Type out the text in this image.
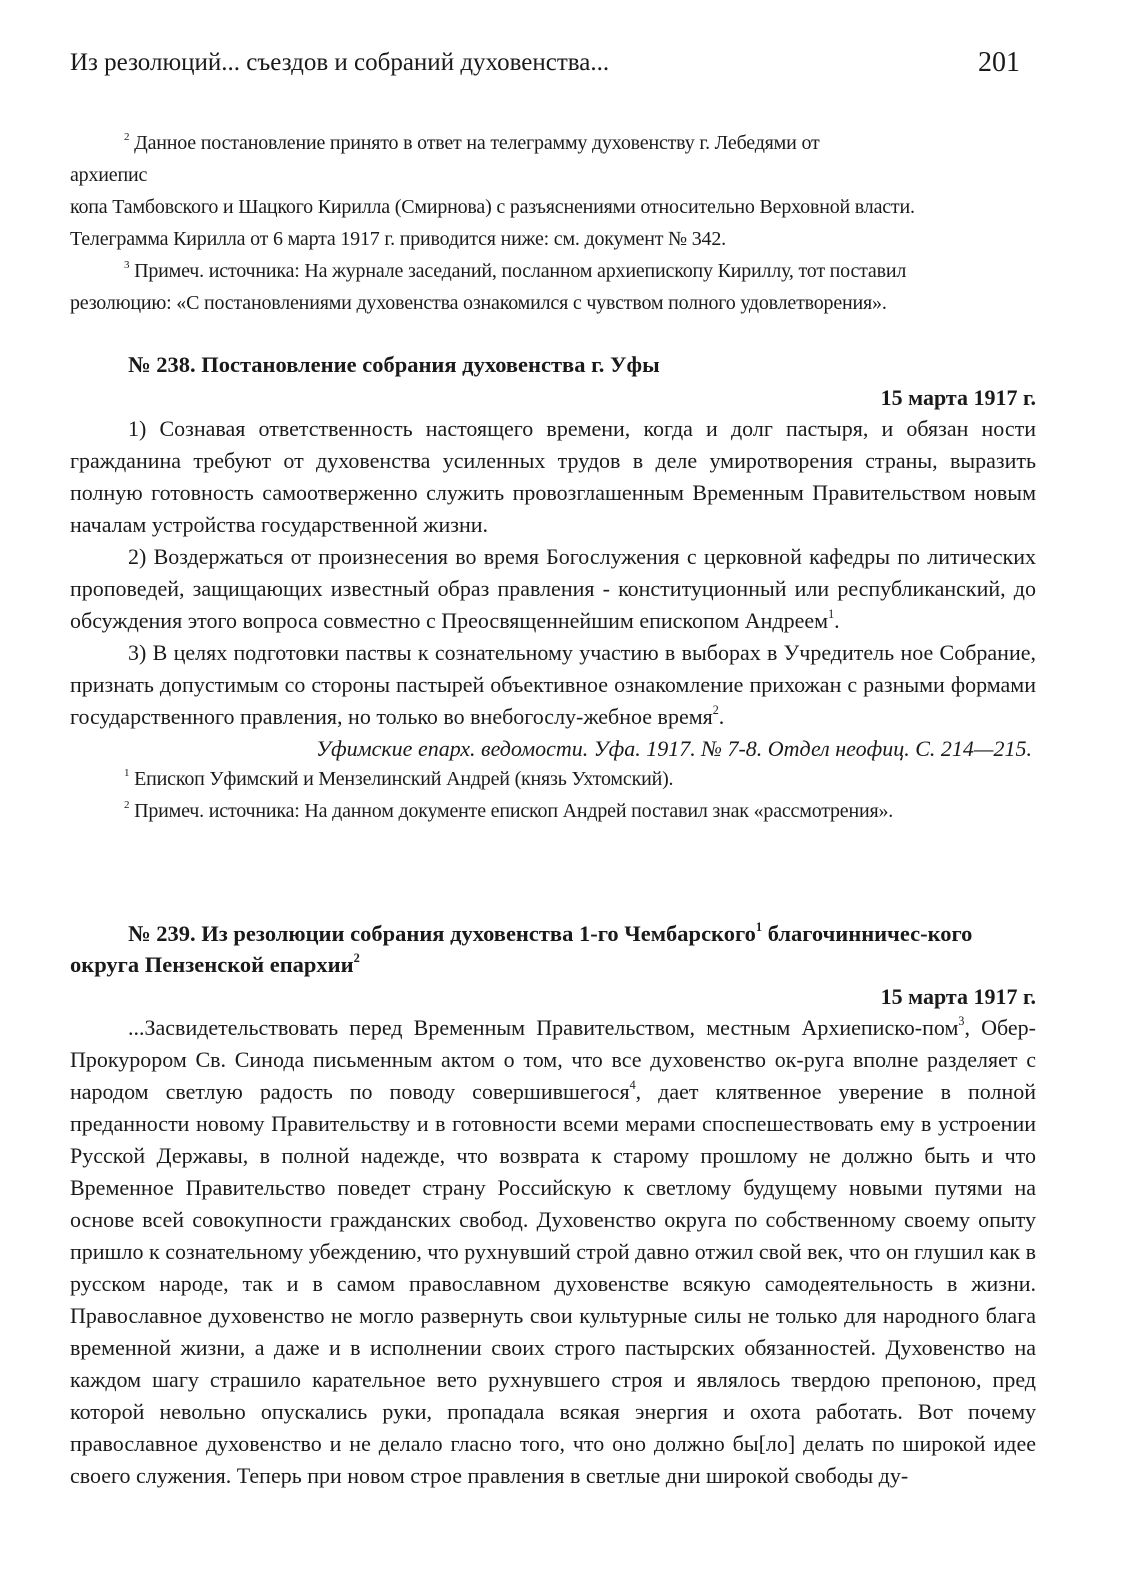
Из резолюций... съездов и собраний духовенства...	201

$^2$ Данное постановление принято в ответ на телеграмму духовенству г. Лебедями от

архиепис

копа Тамбовского и Шацкого Кирилла (Смирнова) с разъяснениями относительно Верховной власти.

Телеграмма Кирилла от 6 марта 1917 г. приводится ниже: см. документ № 342.

$^3$ Примеч. источника: На журнале заседаний, посланном архиепископу Кириллу, тот поставил

резолюцию: «С постановлениями духовенства ознакомился с чувством полного удовлетворения».

№ 238. Постановление собрания духовенства г. Уфы

15 марта 1917 г.

1) Сознавая ответственность настоящего времени, когда и долг пастыря, и обязан ности гражданина требуют от духовенства усиленных трудов в деле умиротворения страны, выразить полную готовность самоотверженно служить провозглашенным Временным Правительством новым началам устройства государственной жизни.

2) Воздержаться от произнесения во время Богослужения с церковной кафедры по литических проповедей, защищающих известный образ правления - конституционный или республиканский, до обсуждения этого вопроса совместно с Преосвященнейшим епископом Андреем$^1$.

3) В целях подготовки паствы к сознательному участию в выборах в Учредитель ное Собрание, признать допустимым со стороны пастырей объективное ознакомление прихожан с разными формами государственного правления, но только во внебогослу-жебное время$^2$.

Уфимские епарх. ведомости. Уфа. 1917. № 7-8. Отдел неофиц. С. 214—215.

$^1$ Епископ Уфимский и Мензелинский Андрей (князь Ухтомский).

$^2$ Примеч. источника: На данном документе епископ Андрей поставил знак «рассмотрения».

№ 239. Из резолюции собрания духовенства 1-го Чембарского$^1$ благочинничес-кого округа Пензенской епархии$^2$

15 марта 1917 г.

...Засвидетельствовать перед Временным Правительством, местным Архиеписко-пом$^3$, Обер-Прокурором Св. Синода письменным актом о том, что все духовенство ок-руга вполне разделяет с народом светлую радость по поводу совершившегося$^4$, дает клятвенное уверение в полной преданности новому Правительству и в готовности всеми мерами споспешествовать ему в устроении Русской Державы, в полной надежде, что возврата к старому прошлому не должно быть и что Временное Правительство поведет страну Российскую к светлому будущему новыми путями на основе всей совокупности гражданских свобод. Духовенство округа по собственному своему опыту пришло к сознательному убеждению, что рухнувший строй давно отжил свой век, что он глушил как в русском народе, так и в самом православном духовенстве всякую самодеятельность в жизни. Православное духовенство не могло развернуть свои культурные силы не только для народного блага временной жизни, а даже и в исполнении своих строго пастырских обязанностей. Духовенство на каждом шагу страшило карательное вето рухнувшего строя и являлось твердою препоною, пред которой невольно опускались руки, пропадала всякая энергия и охота работать. Вот почему православное духовенство и не делало гласно того, что оно должно бы[ло] делать по широкой идее своего служения. Теперь при новом строе правления в светлые дни широкой свободы ду-
